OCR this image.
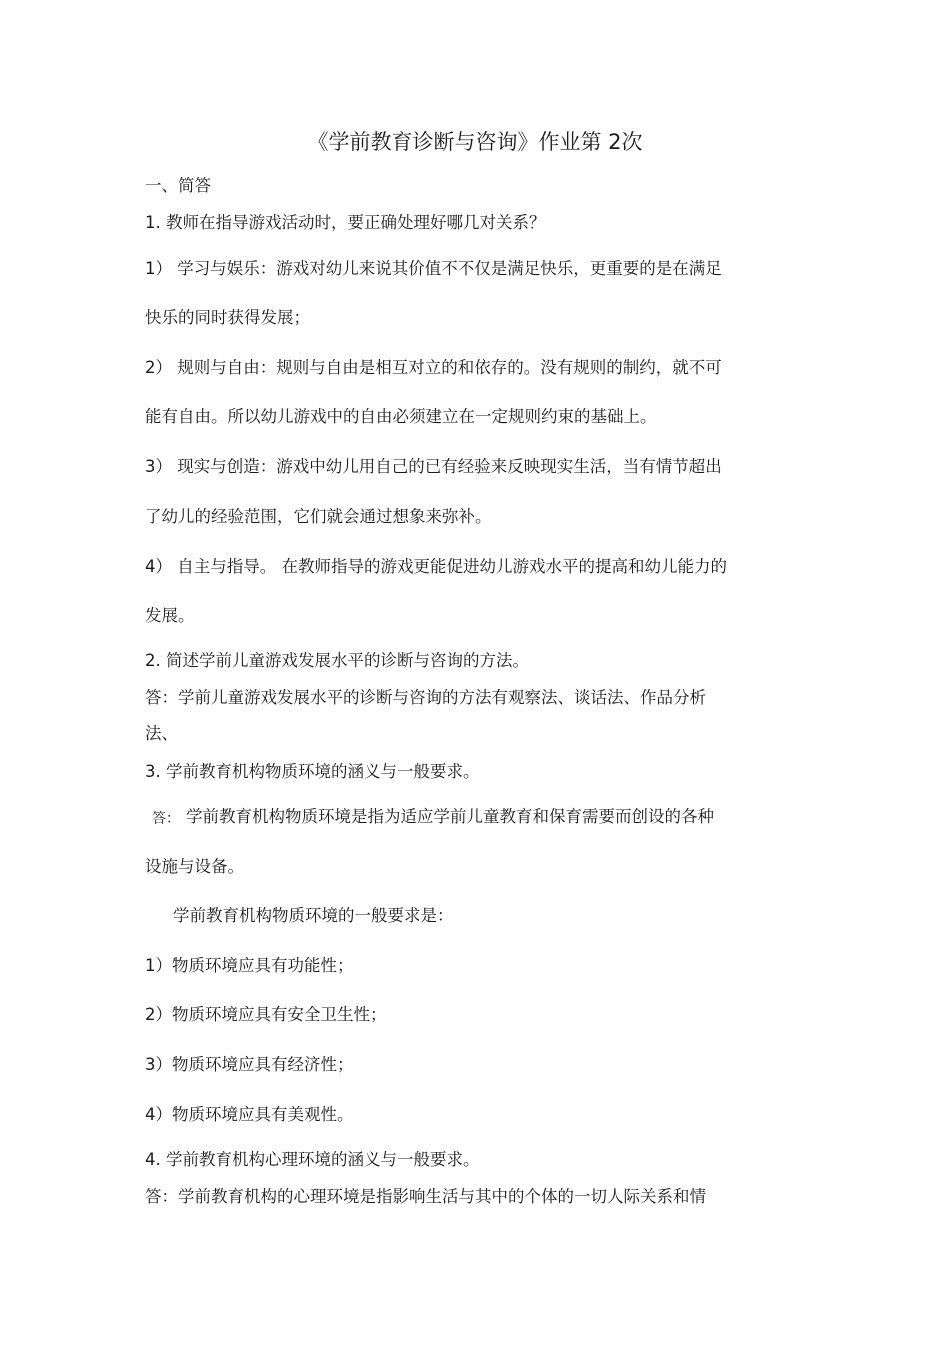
《学前教育诊断与咨询》作业第 2次
一、简答
1. 教师在指导游戏活动时，要正确处理好哪几对关系？
1） 学习与娱乐：游戏对幼儿来说其价值不不仅是满足快乐，更重要的是在满足
快乐的同时获得发展；
2） 规则与自由：规则与自由是相互对立的和依存的。没有规则的制约，就不可
能有自由。所以幼儿游戏中的自由必须建立在一定规则约束的基础上。
3） 现实与创造：游戏中幼儿用自己的已有经验来反映现实生活，当有情节超出
了幼儿的经验范围，它们就会通过想象来弥补。
4） 自主与指导。 在教师指导的游戏更能促进幼儿游戏水平的提高和幼儿能力的
发展。
2. 简述学前儿童游戏发展水平的诊断与咨询的方法。
答：学前儿童游戏发展水平的诊断与咨询的方法有观察法、谈话法、作品分析
法、
3. 学前教育机构物质环境的涵义与一般要求。
答： 学前教育机构物质环境是指为适应学前儿童教育和保育需要而创设的各种
设施与设备。
学前教育机构物质环境的一般要求是：
1）物质环境应具有功能性；
2）物质环境应具有安全卫生性；
3）物质环境应具有经济性；
4）物质环境应具有美观性。
4. 学前教育机构心理环境的涵义与一般要求。
答：学前教育机构的心理环境是指影响生活与其中的个体的一切人际关系和情
